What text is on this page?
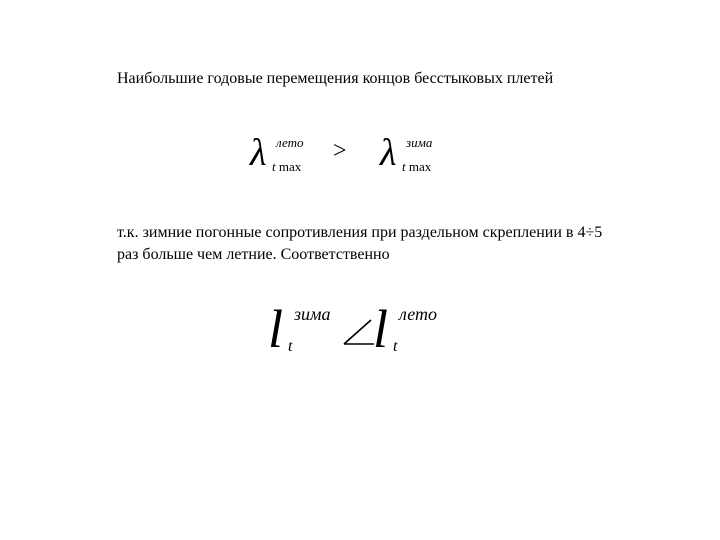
Наибольшие годовые перемещения концов бесстыковых плетей
λ лето
t max
> λ зима
t max
т.к. зимние погонные сопротивления при раздельном скреплении в 4÷5
раз больше чем летние. Соответственно
l зима
t l лето
t
